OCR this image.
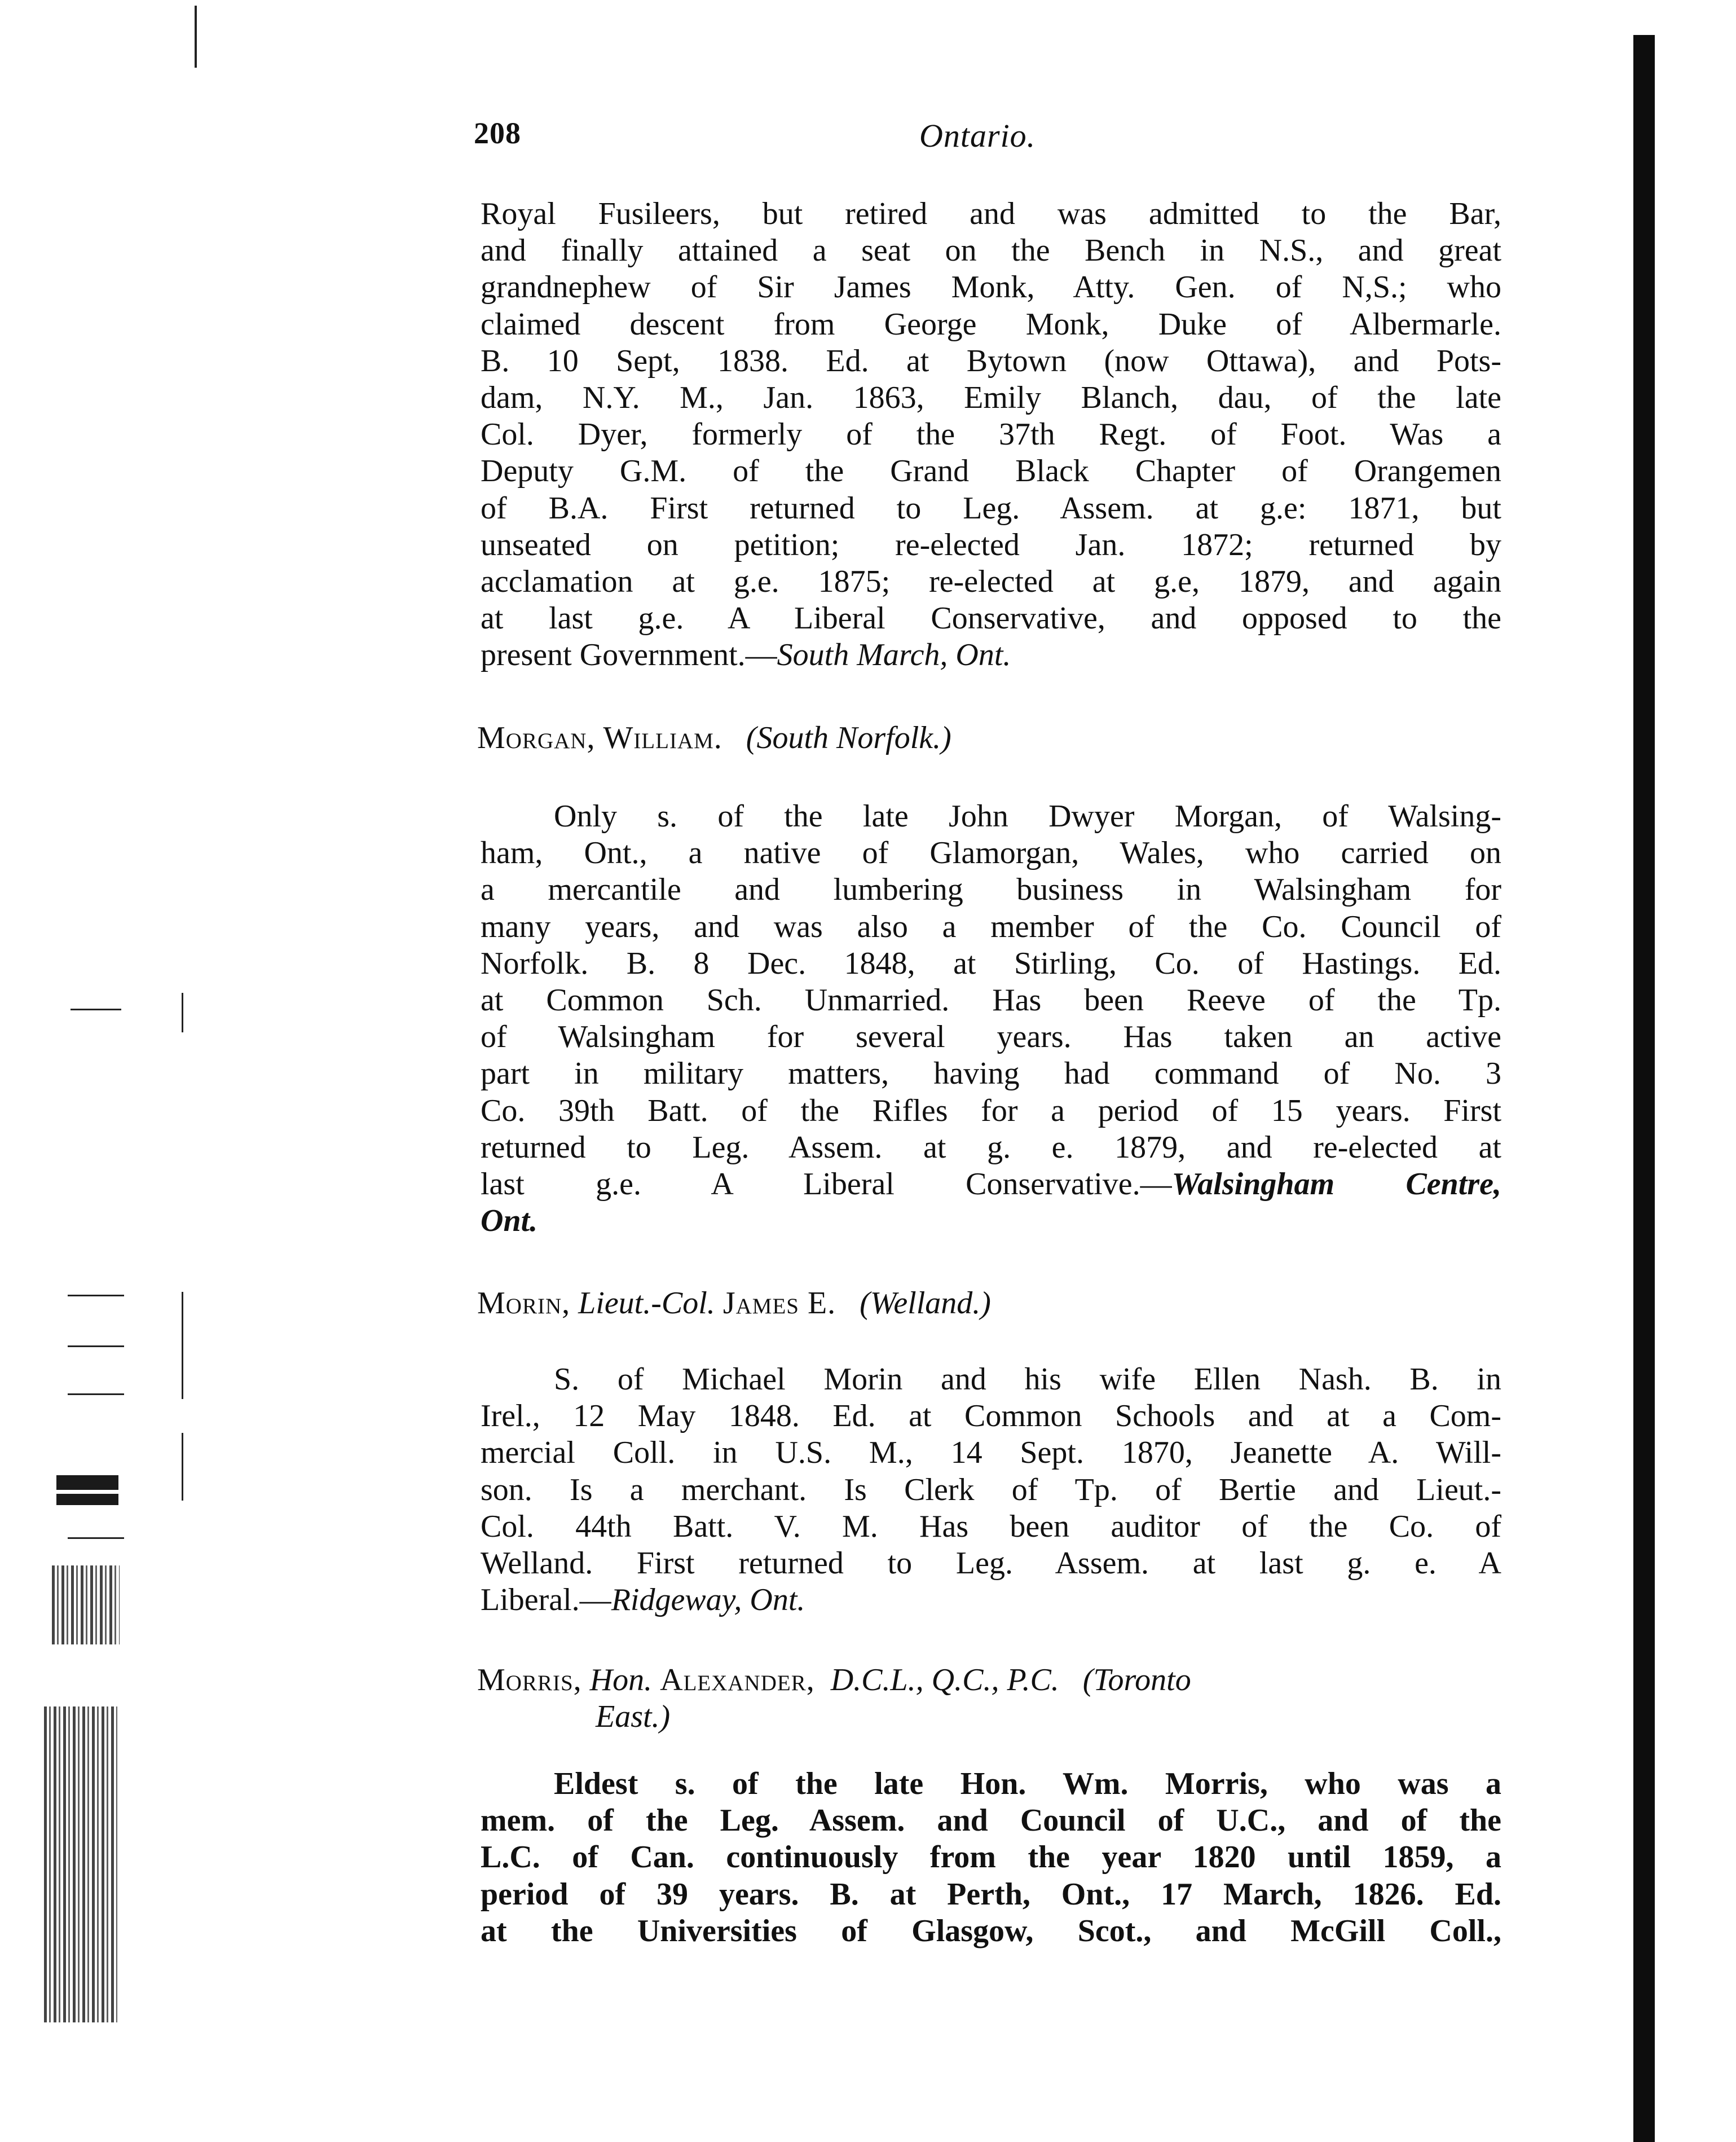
208	Ontario.
Royal Fusileers, but retired and was admitted to the Bar,
and finally attained a seat on the Bench in N.S., and great
grandnephew of Sir James Monk, Atty. Gen. of N,S.; who
claimed descent from George Monk, Duke of Albermarle.
B. 10 Sept, 1838. Ed. at Bytown (now Ottawa), and Pots-
dam, N.Y. M., Jan. 1863, Emily Blanch, dau, of the late
Col. Dyer, formerly of the 37th Regt. of Foot. Was a
Deputy G.M. of the Grand Black Chapter of Orangemen
of B.A. First returned to Leg. Assem. at g.e: 1871, but
unseated on petition; re-elected Jan. 1872; returned by
acclamation at g.e. 1875; re-elected at g.e, 1879, and again
at last g.e. A Liberal Conservative, and opposed to the
present Government.—South March, Ont.
Morgan, William. (South Norfolk.)
Only s. of the late John Dwyer Morgan, of Walsing-
ham, Ont., a native of Glamorgan, Wales, who carried on
a mercantile and lumbering business in Walsingham for
many years, and was also a member of the Co. Council of
Norfolk. B. 8 Dec. 1848, at Stirling, Co. of Hastings. Ed.
at Common Sch. Unmarried. Has been Reeve of the Tp.
of Walsingham for several years. Has taken an active
part in military matters, having had command of No. 3
Co. 39th Batt. of the Rifles for a period of 15 years. First
returned to Leg. Assem. at g. e. 1879, and re-elected at
last g.e. A Liberal Conservative.—Walsingham Centre,
Ont.
Morin, Lieut.-Col. James E. (Welland.)
S. of Michael Morin and his wife Ellen Nash. B. in
Irel., 12 May 1848. Ed. at Common Schools and at a Com-
mercial Coll. in U.S. M., 14 Sept. 1870, Jeanette A. Will-
son. Is a merchant. Is Clerk of Tp. of Bertie and Lieut.-
Col. 44th Batt. V. M. Has been auditor of the Co. of
Welland. First returned to Leg. Assem. at last g. e. A
Liberal.—Ridgeway, Ont.
Morris, Hon. Alexander, D.C.L., Q.C., P.C. (Toronto
East.)
Eldest s. of the late Hon. Wm. Morris, who was a
mem. of the Leg. Assem. and Council of U.C., and of the
L.C. of Can. continuously from the year 1820 until 1859, a
period of 39 years. B. at Perth, Ont., 17 March, 1826. Ed.
at the Universities of Glasgow, Scot., and McGill Coll.,
